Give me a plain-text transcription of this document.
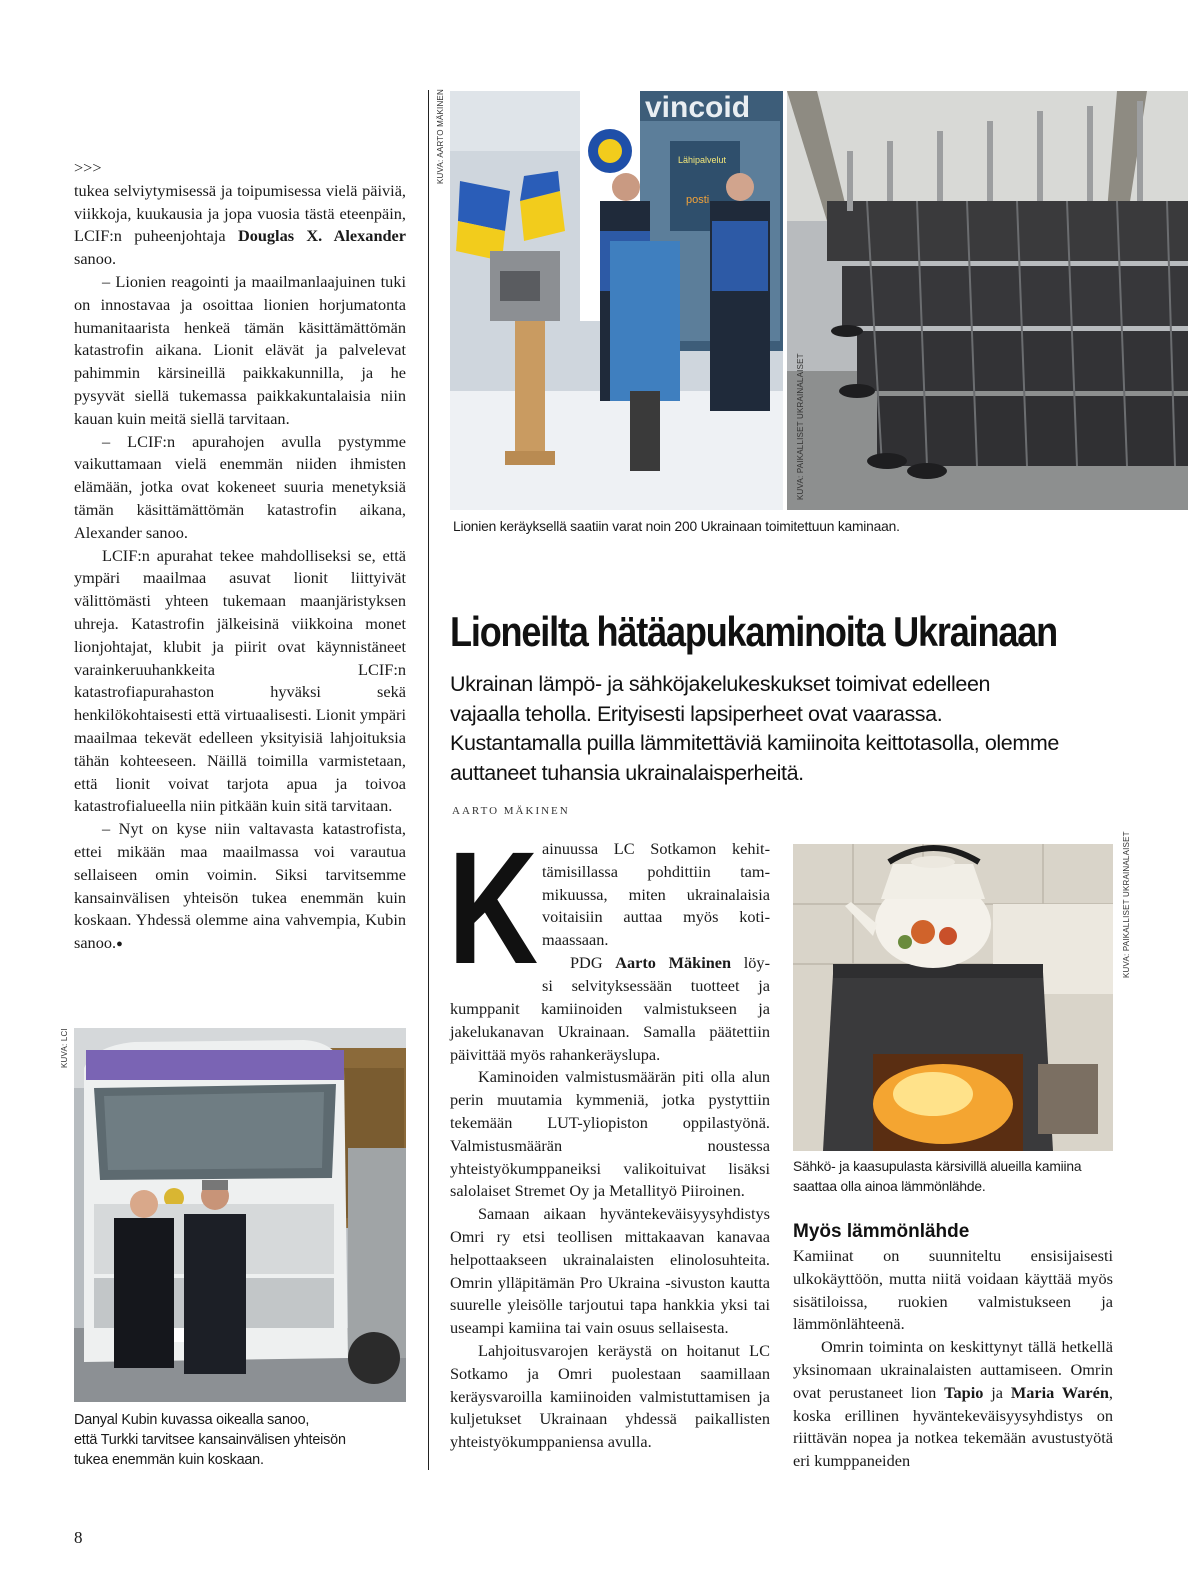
>>>

tukea selviytymisessä ja toipumisessa vielä päiviä, viikkoja, kuukausia ja jopa vuosia tästä eteenpäin, LCIF:n puheenjohtaja Douglas X. Alexander sanoo.

– Lionien reagointi ja maailmanlaajuinen tuki on innostavaa ja osoittaa lionien horjumatonta humanitaarista henkeä tämän käsittämättömän katastrofin aikana. Lionit elävät ja palvelevat pahimmin kärsineillä paikkakunnilla, ja he pysyvät siellä tukemassa paikkakuntalaisia niin kauan kuin meitä siellä tarvitaan.

– LCIF:n apurahojen avulla pystymme vaikuttamaan vielä enemmän niiden ihmisten elämään, jotka ovat kokeneet suuria menetyksiä tämän käsittämättömän katastrofin aikana, Alexander sanoo.

LCIF:n apurahat tekee mahdolliseksi se, että ympäri maailmaa asuvat lionit liittyivät välittömästi yhteen tukemaan maanjäristyksen uhreja. Katastrofin jälkeisinä viikkoina monet lionjohtajat, klubit ja piirit ovat käynnistäneet varainkeruuhankkeita LCIF:n katastrofiapurahaston hyväksi sekä henkilökohtaisesti että virtuaalisesti. Lionit ympäri maailmaa tekevät edelleen yksityisiä lahjoituksia tähän kohteeseen. Näillä toimilla varmistetaan, että lionit voivat tarjota apua ja toivoa katastrofialueella niin pitkään kuin sitä tarvitaan.

– Nyt on kyse niin valtavasta katastrofista, ettei mikään maa maailmassa voi varautua sellaiseen omin voimin. Siksi tarvitsemme kansainvälisen yhteisön tukea enemmän kuin koskaan. Yhdessä olemme aina vahvempia, Kubin sanoo.●

KUVA: LCI
Danyal Kubin kuvassa oikealla sanoo,
että Turkki tarvitsee kansainvälisen yhteisön
tukea enemmän kuin koskaan.
8
KUVA: AARTO MÄKINEN	vincoid
Lähipalvelut
posti
KUVA: PAIKALLISET UKRAINALAISET
Lionien keräyksellä saatiin varat noin 200 Ukrainaan toimitettuun kaminaan.
Lioneilta hätäapukaminoita Ukrainaan
Ukrainan lämpö- ja sähköjakelukeskukset toimivat edelleen vajaalla teholla. Erityisesti lapsiperheet ovat vaarassa. Kustantamalla puilla lämmitettäviä kamiinoita keittotasolla, olemme auttaneet tuhansia ukrainalaisperheitä.
AARTO MÄKINEN
K ainuussa LC Sotkamon kehit-
tämisillassa pohdittiin tam-
mikuussa, miten ukrainalaisia
voitaisiin auttaa myös koti-
maassaan.
PDG Aarto Mäkinen löy-
si selvityksessään tuotteet ja

kumppanit kamiinoiden valmistukseen ja jakelukanavan Ukrainaan. Samalla päätettiin päivittää myös rahankeräyslupa.

Kaminoiden valmistusmäärän piti olla alun perin muutamia kymmeniä, jotka pystyttiin tekemään LUT-yliopiston oppilastyönä. Valmistusmäärän noustessa yhteistyökumppaneiksi valikoituivat lisäksi salolaiset Stremet Oy ja Metallityö Piiroinen.

Samaan aikaan hyväntekeväisyysyhdistys Omri ry etsi teollisen mittakaavan kanavaa helpottaakseen ukrainalaisten elinolosuhteita. Omrin ylläpitämän Pro Ukraina -sivuston kautta suurelle yleisölle tarjoutui tapa hankkia yksi tai useampi kamiina tai vain osuus sellaisesta.

Lahjoitusvarojen keräystä on hoitanut LC Sotkamo ja Omri puolestaan saamillaan keräysvaroilla kamiinoiden valmistuttamisen ja kuljetukset Ukrainaan yhdessä paikallisten yhteistyökumppaniensa avulla.

KUVA: PAIKALLISET UKRAINALAISET
Sähkö- ja kaasupulasta kärsivillä alueilla kamiina
saattaa olla ainoa lämmönlähde.
Myös lämmönlähde

Kamiinat on suunniteltu ensisijaisesti ulkokäyttöön, mutta niitä voidaan käyttää myös sisätiloissa, ruokien valmistukseen ja lämmönlähteenä.

Omrin toiminta on keskittynyt tällä hetkellä yksinomaan ukrainalaisten auttamiseen. Omrin ovat perustaneet lion Tapio ja Maria Warén, koska erillinen hyväntekeväisyysyhdistys on riittävän nopea ja notkea tekemään avustustyötä eri kumppaneiden
